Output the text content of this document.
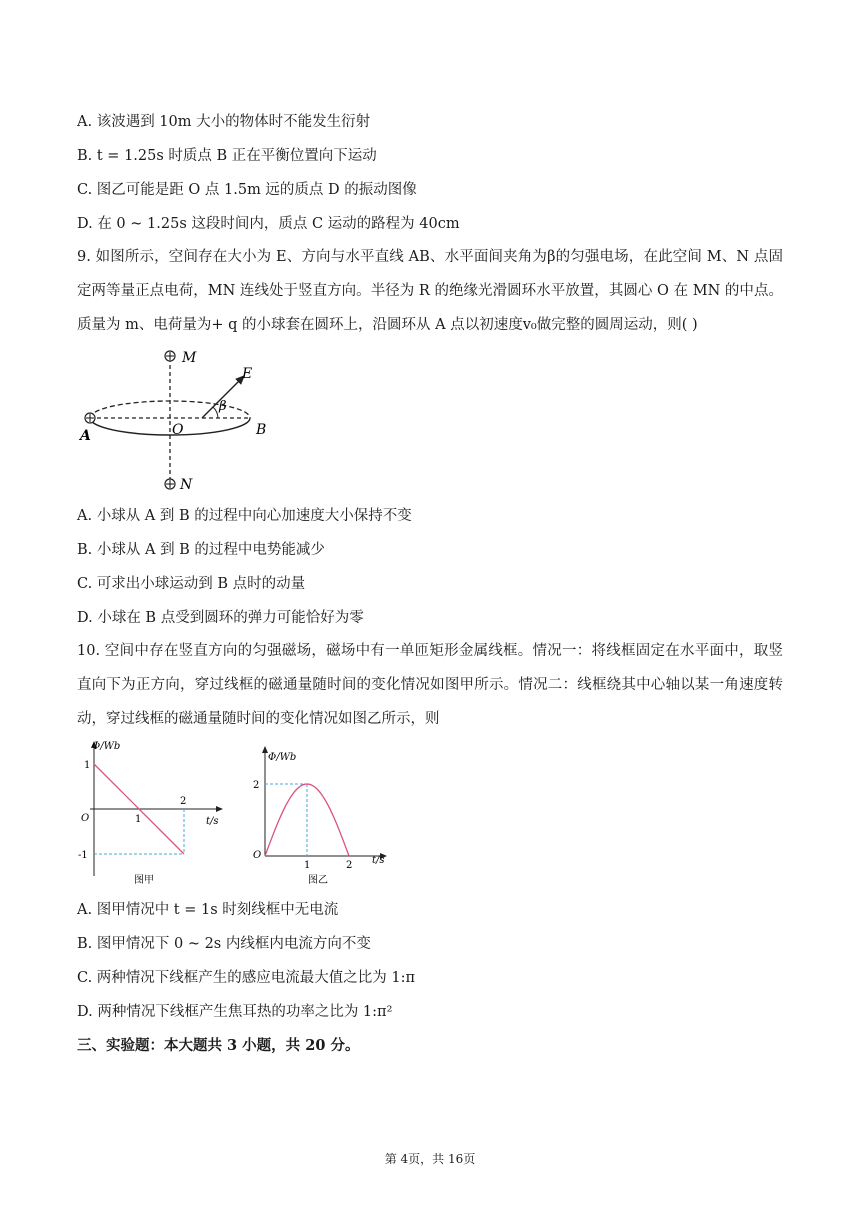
A. 该波遇到 10m 大小的物体时不能发生衍射
B. t = 1.25s 时质点 B 正在平衡位置向下运动
C. 图乙可能是距 O 点 1.5m 远的质点 D 的振动图像
D. 在 0 ~ 1.25s 这段时间内，质点 C 运动的路程为 40cm
9. 如图所示，空间存在大小为 E、方向与水平直线 AB、水平面间夹角为β的匀强电场，在此空间 M、N 点固定两等量正点电荷，MN 连线处于竖直方向。半径为 R 的绝缘光滑圆环水平放置，其圆心 O 在 MN 的中点。质量为 m、电荷量为+ q 的小球套在圆环上，沿圆环从 A 点以初速度v₀做完整的圆周运动，则( )
M
N
E
A	O	B
β
A. 小球从 A 到 B 的过程中向心加速度大小保持不变
B. 小球从 A 到 B 的过程中电势能减少
C. 可求出小球运动到 B 点时的动量
D. 小球在 B 点受到圆环的弹力可能恰好为零
10. 空间中存在竖直方向的匀强磁场，磁场中有一单匝矩形金属线框。情况一：将线框固定在水平面中，取竖直向下为正方向，穿过线框的磁通量随时间的变化情况如图甲所示。情况二：线框绕其中心轴以某一角速度转动，穿过线框的磁通量随时间的变化情况如图乙所示，则
Φ/Wb
t/s
O
1
-1
1
2
图甲
Φ/Wb
t/s
O
2
1	2
图乙
A. 图甲情况中 t = 1s 时刻线框中无电流
B. 图甲情况下 0 ~ 2s 内线框内电流方向不变
C. 两种情况下线框产生的感应电流最大值之比为 1:π
D. 两种情况下线框产生焦耳热的功率之比为 1:π²
三、实验题：本大题共 3 小题，共 20 分。
第 4页，共 16页
